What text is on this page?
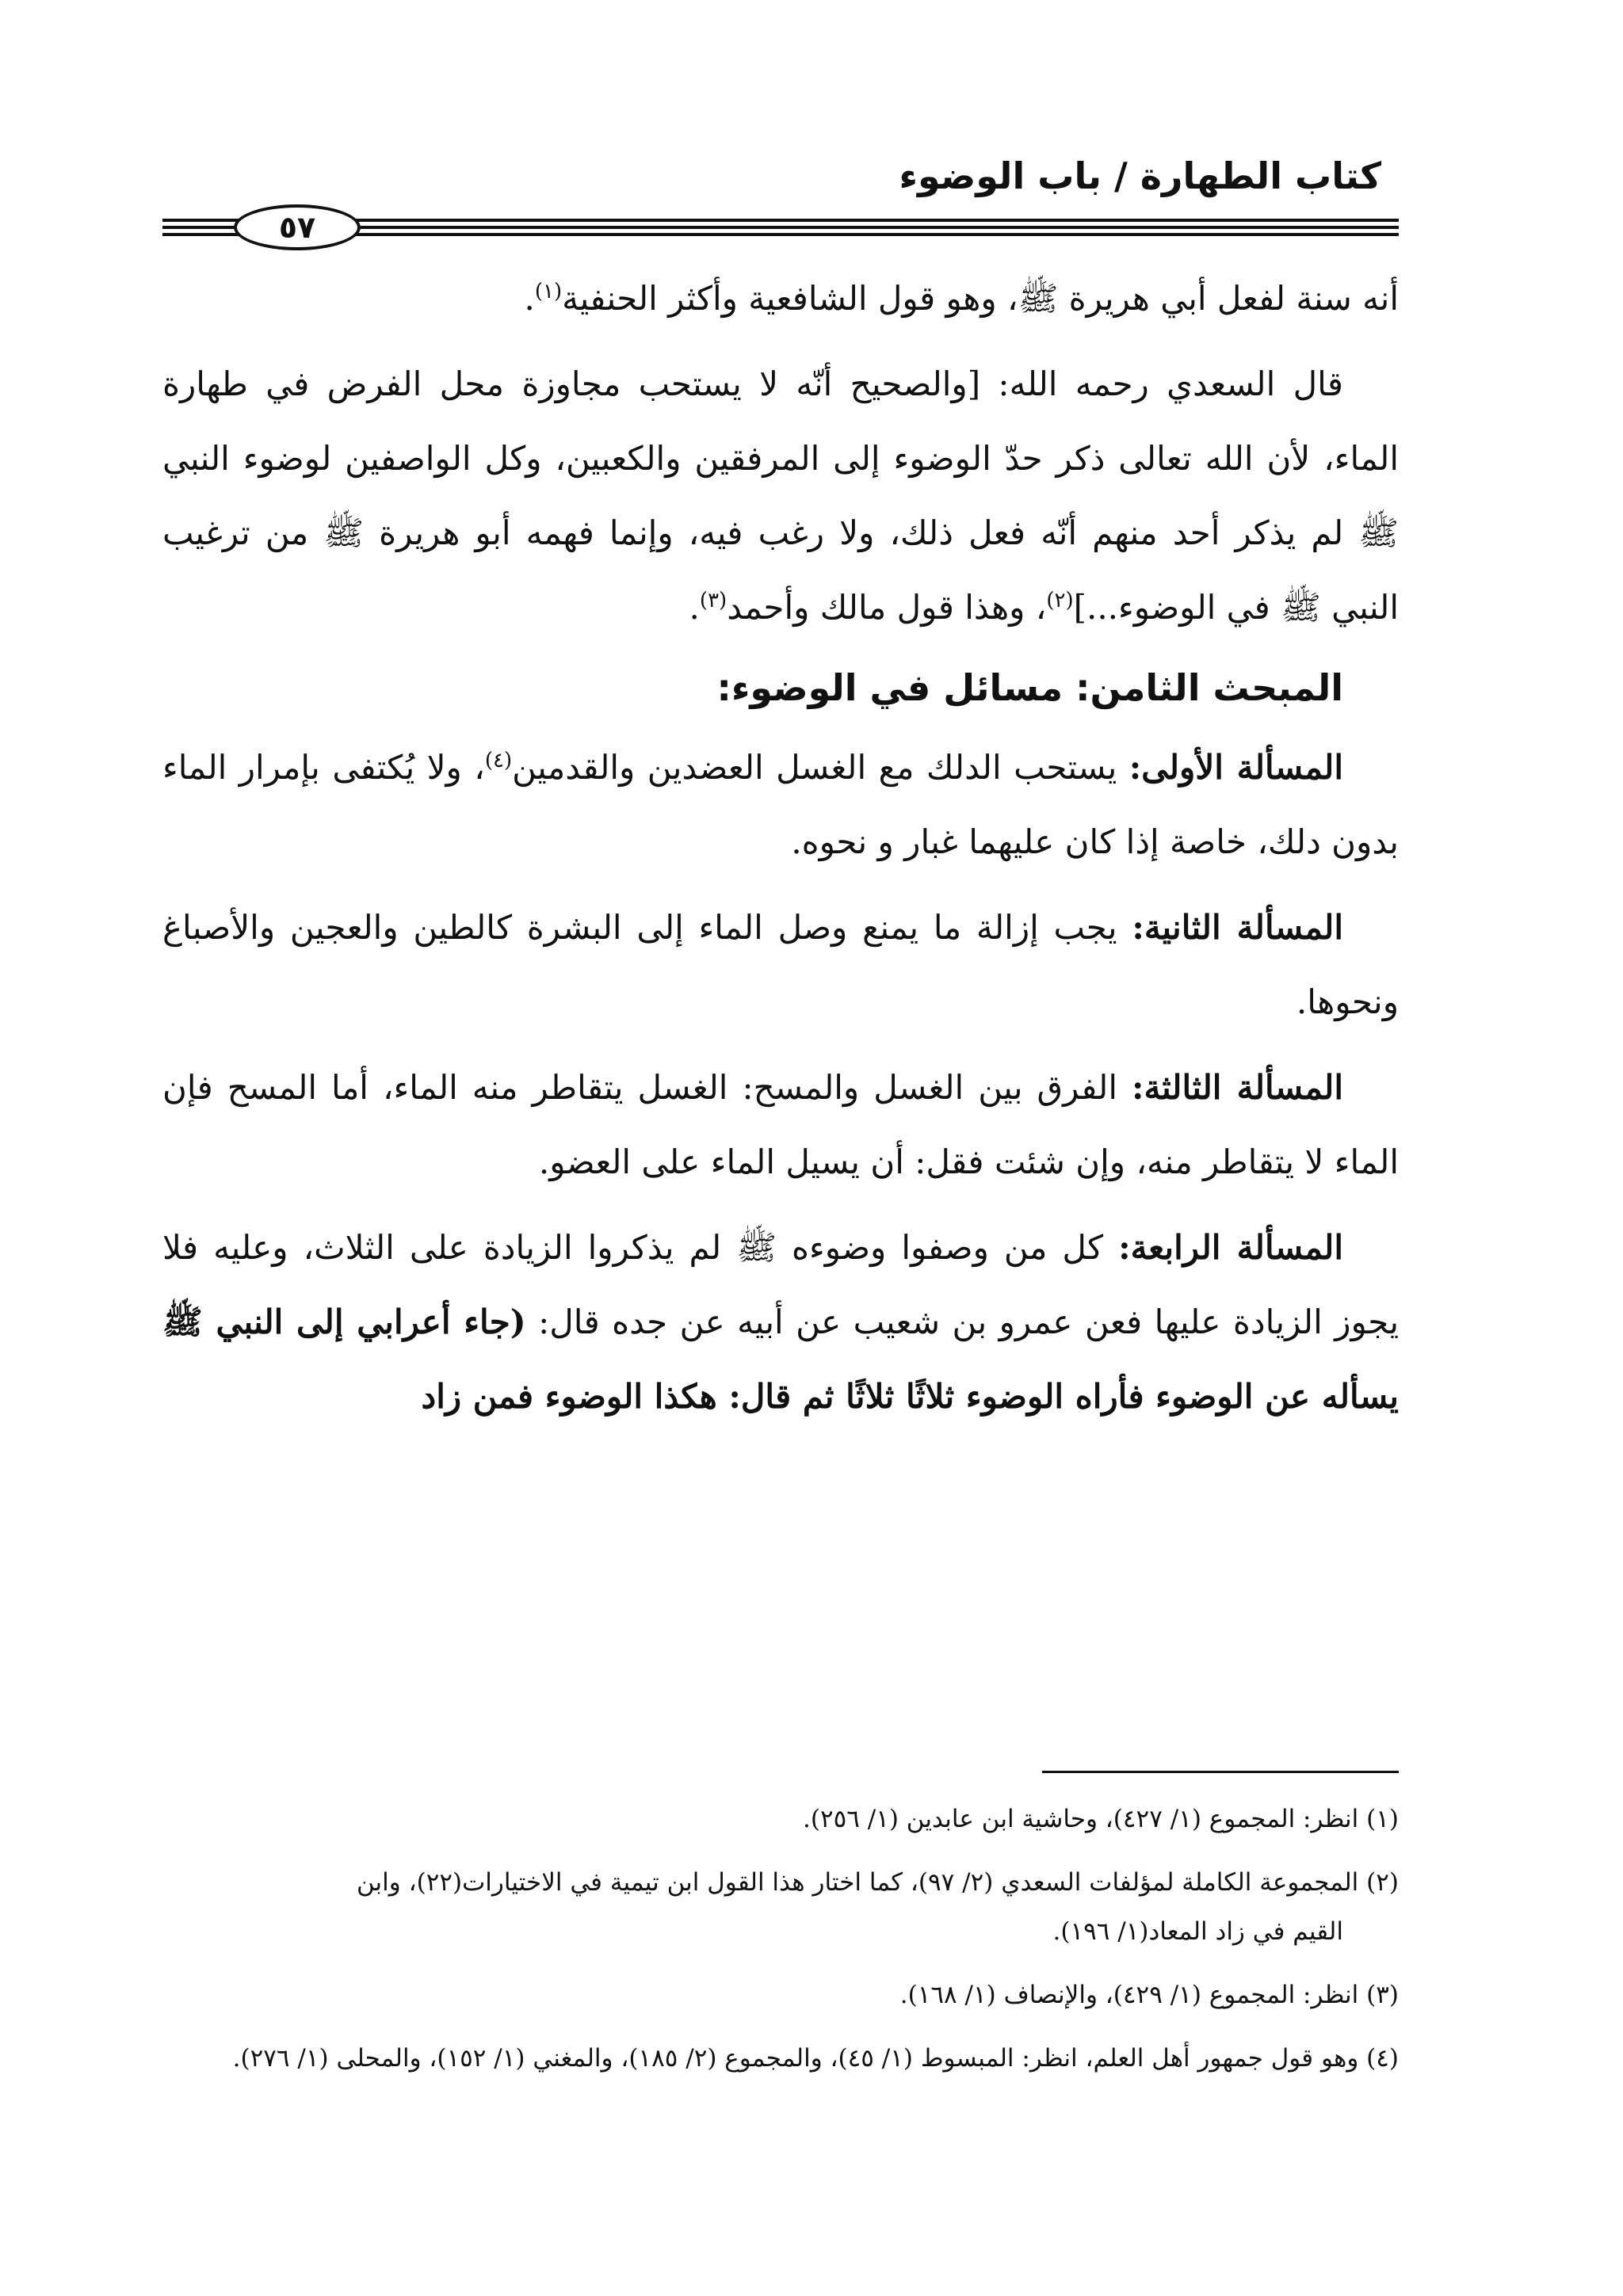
كتاب الطهارة / باب الوضوء
٥٧

أنه سنة لفعل أبي هريرة ﷺ، وهو قول الشافعية وأكثر الحنفية$^{(١)}$.

قال السعدي رحمه الله: [والصحيح أنّه لا يستحب مجاوزة محل الفرض في طهارة الماء، لأن الله تعالى ذكر حدّ الوضوء إلى المرفقين والكعبين، وكل الواصفين لوضوء النبي ﷺ لم يذكر أحد منهم أنّه فعل ذلك، ولا رغب فيه، وإنما فهمه أبو هريرة ﷺ من ترغيب النبي ﷺ في الوضوء...]$^{(٢)}$، وهذا قول مالك وأحمد$^{(٣)}$.

المبحث الثامن: مسائل في الوضوء:

المسألة الأولى: يستحب الدلك مع الغسل العضدين والقدمين$^{(٤)}$، ولا يُكتفى بإمرار الماء بدون دلك، خاصة إذا كان عليهما غبار و نحوه.

المسألة الثانية: يجب إزالة ما يمنع وصل الماء إلى البشرة كالطين والعجين والأصباغ ونحوها.

المسألة الثالثة: الفرق بين الغسل والمسح: الغسل يتقاطر منه الماء، أما المسح فإن الماء لا يتقاطر منه، وإن شئت فقل: أن يسيل الماء على العضو.

المسألة الرابعة: كل من وصفوا وضوءه ﷺ لم يذكروا الزيادة على الثلاث، وعليه فلا يجوز الزيادة عليها فعن عمرو بن شعيب عن أبيه عن جده قال: (جاء أعرابي إلى النبي ﷺ يسأله عن الوضوء فأراه الوضوء ثلاثًا ثلاثًا ثم قال: هكذا الوضوء فمن زاد

(١) انظر: المجموع (١/ ٤٢٧)، وحاشية ابن عابدين (١/ ٢٥٦).

(٢) المجموعة الكاملة لمؤلفات السعدي (٢/ ٩٧)، كما اختار هذا القول ابن تيمية في الاختيارات(٢٢)، وابن
القيم في زاد المعاد(١/ ١٩٦).

(٣) انظر: المجموع (١/ ٤٢٩)، والإنصاف (١/ ١٦٨).

(٤) وهو قول جمهور أهل العلم، انظر: المبسوط (١/ ٤٥)، والمجموع (٢/ ١٨٥)، والمغني (١/ ١٥٢)، والمحلى (١/ ٢٧٦).
